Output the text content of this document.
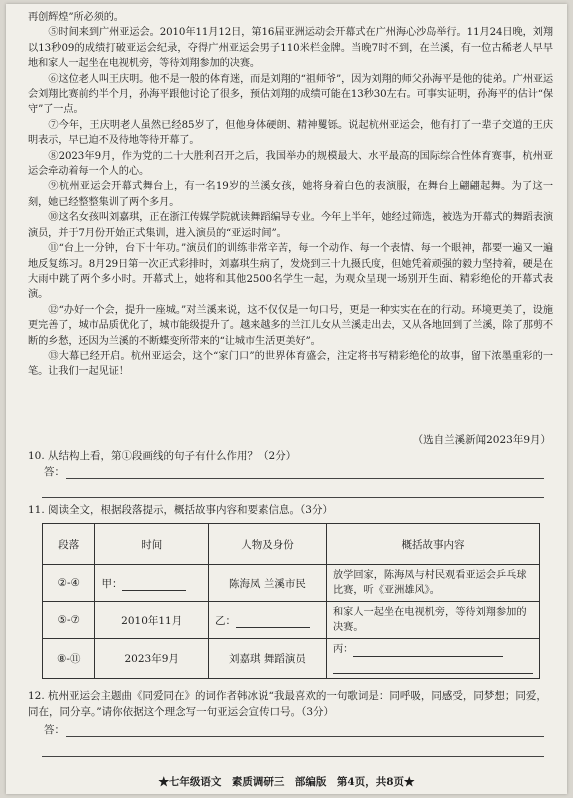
再创辉煌”所必须的。

⑤时间来到广州亚运会。2010年11月12日，第16届亚洲运动会开幕式在广州海心沙岛举行。11月24日晚，刘翔以13秒09的成绩打破亚运会纪录，夺得广州亚运会男子110米栏金牌。当晚7时不到，在兰溪，有一位古稀老人早早地和家人一起坐在电视机旁，等待刘翔参加的决赛。

⑥这位老人叫王庆明。他不是一般的体育迷，而是刘翔的“祖师爷”，因为刘翔的师父孙海平是他的徒弟。广州亚运会刘翔比赛前约半个月，孙海平跟他讨论了很多，预估刘翔的成绩可能在13秒30左右。可事实证明，孙海平的估计“保守”了一点。

⑦今年，王庆明老人虽然已经85岁了，但他身体硬朗、精神矍铄。说起杭州亚运会，他有打了一辈子交道的王庆明表示，早已迫不及待地等待开幕了。

⑧2023年9月，作为党的二十大胜利召开之后，我国举办的规模最大、水平最高的国际综合性体育赛事，杭州亚运会牵动着每一个人的心。

⑨杭州亚运会开幕式舞台上，有一名19岁的兰溪女孩，她将身着白色的表演服，在舞台上翩翩起舞。为了这一刻，她已经整整集训了两个多月。

⑩这名女孩叫刘嘉琪，正在浙江传媒学院就读舞蹈编导专业。今年上半年，她经过筛选，被选为开幕式的舞蹈表演演员，并于7月份开始正式集训，进入演员的“亚运时间”。

⑪“台上一分钟，台下十年功。”演员们的训练非常辛苦，每一个动作、每一个表情、每一个眼神，都要一遍又一遍地反复练习。8月29日第一次正式彩排时，刘嘉琪生病了，发烧到三十九摄氏度，但她凭着顽强的毅力坚持着，硬是在大雨中跳了两个多小时。开幕式上，她将和其他2500名学生一起，为观众呈现一场别开生面、精彩绝伦的开幕式表演。

⑫“办好一个会，提升一座城。”对兰溪来说，这不仅仅是一句口号，更是一种实实在在的行动。环境更美了，设施更完善了，城市品质优化了，城市能级提升了。越来越多的兰江儿女从兰溪走出去，又从各地回到了兰溪，除了那剪不断的乡愁，还因为兰溪的不断蝶变所带来的“让城市生活更美好”。

⑬大幕已经开启。杭州亚运会，这个“家门口”的世界体育盛会，注定将书写精彩绝伦的故事，留下浓墨重彩的一笔。让我们一起见证！

（选自兰溪新闻2023年9月）
10. 从结构上看，第①段画线的句子有什么作用？（2分）
答：
11. 阅读全文，根据段落提示，概括故事内容和要素信息。（3分）
段落	时间	人物及身份	概括故事内容
②-④	甲：	陈海凤 兰溪市民	放学回家，陈海凤与村民观看亚运会乒乓球比赛，听《亚洲雄风》。
⑤-⑦	2010年11月	乙：	和家人一起坐在电视机旁，等待刘翔参加的决赛。
⑧-⑪	2023年9月	刘嘉琪 舞蹈演员	丙：
12. 杭州亚运会主题曲《同爱同在》的词作者韩冰说“我最喜欢的一句歌词是：同呼吸，同感受，同梦想；同爱，同在，同分享。”请你依据这个理念写一句亚运会宣传口号。（3分）
答：
★七年级语文　素质调研三　部编版　第4页，共8页★
